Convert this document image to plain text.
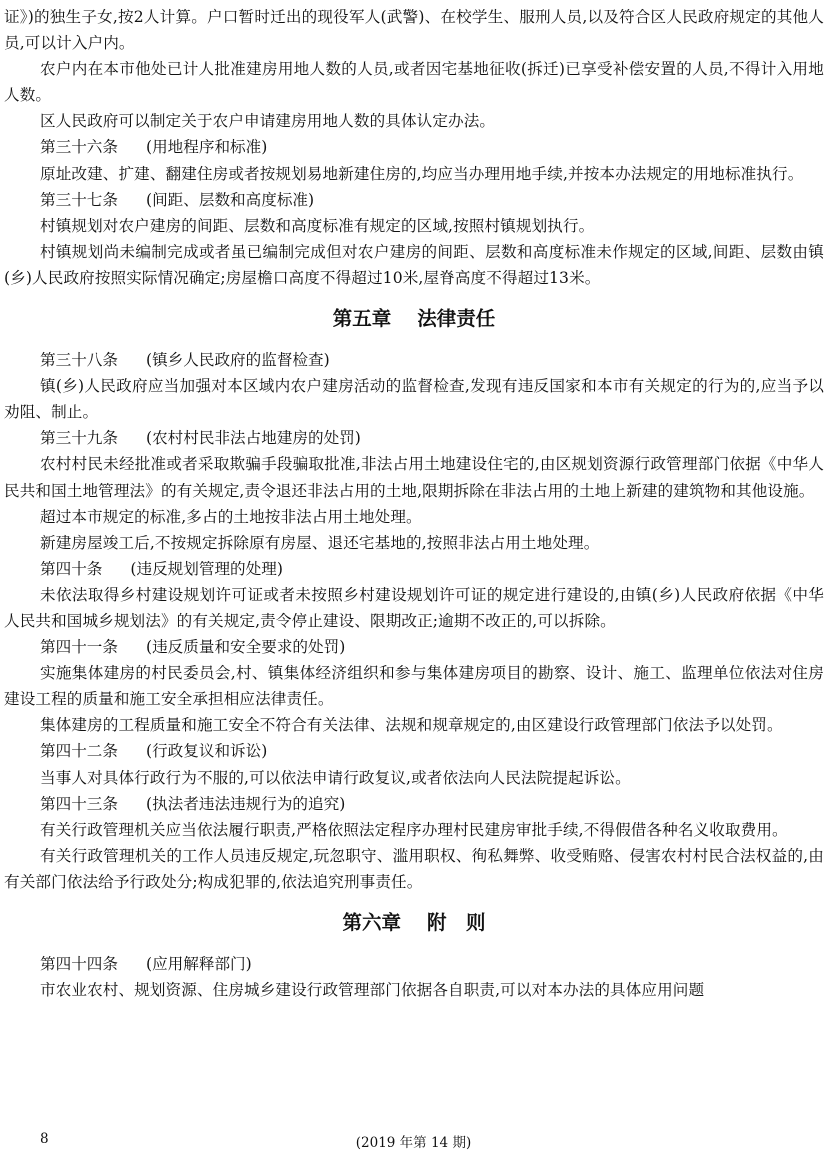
证》)的独生子女,按2人计算。户口暂时迁出的现役军人(武警)、在校学生、服刑人员,以及符合区人民政府规定的其他人员,可以计入户内。

农户内在本市他处已计人批准建房用地人数的人员,或者因宅基地征收(拆迁)已享受补偿安置的人员,不得计入用地人数。

区人民政府可以制定关于农户申请建房用地人数的具体认定办法。

第三十六条 (用地程序和标准)

原址改建、扩建、翻建住房或者按规划易地新建住房的,均应当办理用地手续,并按本办法规定的用地标准执行。

第三十七条 (间距、层数和高度标准)

村镇规划对农户建房的间距、层数和高度标准有规定的区域,按照村镇规划执行。

村镇规划尚未编制完成或者虽已编制完成但对农户建房的间距、层数和高度标准未作规定的区域,间距、层数由镇(乡)人民政府按照实际情况确定;房屋檐口高度不得超过10米,屋脊高度不得超过13米。

第五章 法律责任

第三十八条 (镇乡人民政府的监督检查)

镇(乡)人民政府应当加强对本区域内农户建房活动的监督检查,发现有违反国家和本市有关规定的行为的,应当予以劝阻、制止。

第三十九条 (农村村民非法占地建房的处罚)

农村村民未经批准或者采取欺骗手段骗取批准,非法占用土地建设住宅的,由区规划资源行政管理部门依据《中华人民共和国土地管理法》的有关规定,责令退还非法占用的土地,限期拆除在非法占用的土地上新建的建筑物和其他设施。

超过本市规定的标准,多占的土地按非法占用土地处理。

新建房屋竣工后,不按规定拆除原有房屋、退还宅基地的,按照非法占用土地处理。

第四十条 (违反规划管理的处理)

未依法取得乡村建设规划许可证或者未按照乡村建设规划许可证的规定进行建设的,由镇(乡)人民政府依据《中华人民共和国城乡规划法》的有关规定,责令停止建设、限期改正;逾期不改正的,可以拆除。

第四十一条 (违反质量和安全要求的处罚)

实施集体建房的村民委员会,村、镇集体经济组织和参与集体建房项目的勘察、设计、施工、监理单位依法对住房建设工程的质量和施工安全承担相应法律责任。

集体建房的工程质量和施工安全不符合有关法律、法规和规章规定的,由区建设行政管理部门依法予以处罚。

第四十二条 (行政复议和诉讼)

当事人对具体行政行为不服的,可以依法申请行政复议,或者依法向人民法院提起诉讼。

第四十三条 (执法者违法违规行为的追究)

有关行政管理机关应当依法履行职责,严格依照法定程序办理村民建房审批手续,不得假借各种名义收取费用。

有关行政管理机关的工作人员违反规定,玩忽职守、滥用职权、徇私舞弊、收受贿赂、侵害农村村民合法权益的,由有关部门依法给予行政处分;构成犯罪的,依法追究刑事责任。

第六章 附　则

第四十四条 (应用解释部门)

市农业农村、规划资源、住房城乡建设行政管理部门依据各自职责,可以对本办法的具体应用问题

8	(2019 年第 14 期)
